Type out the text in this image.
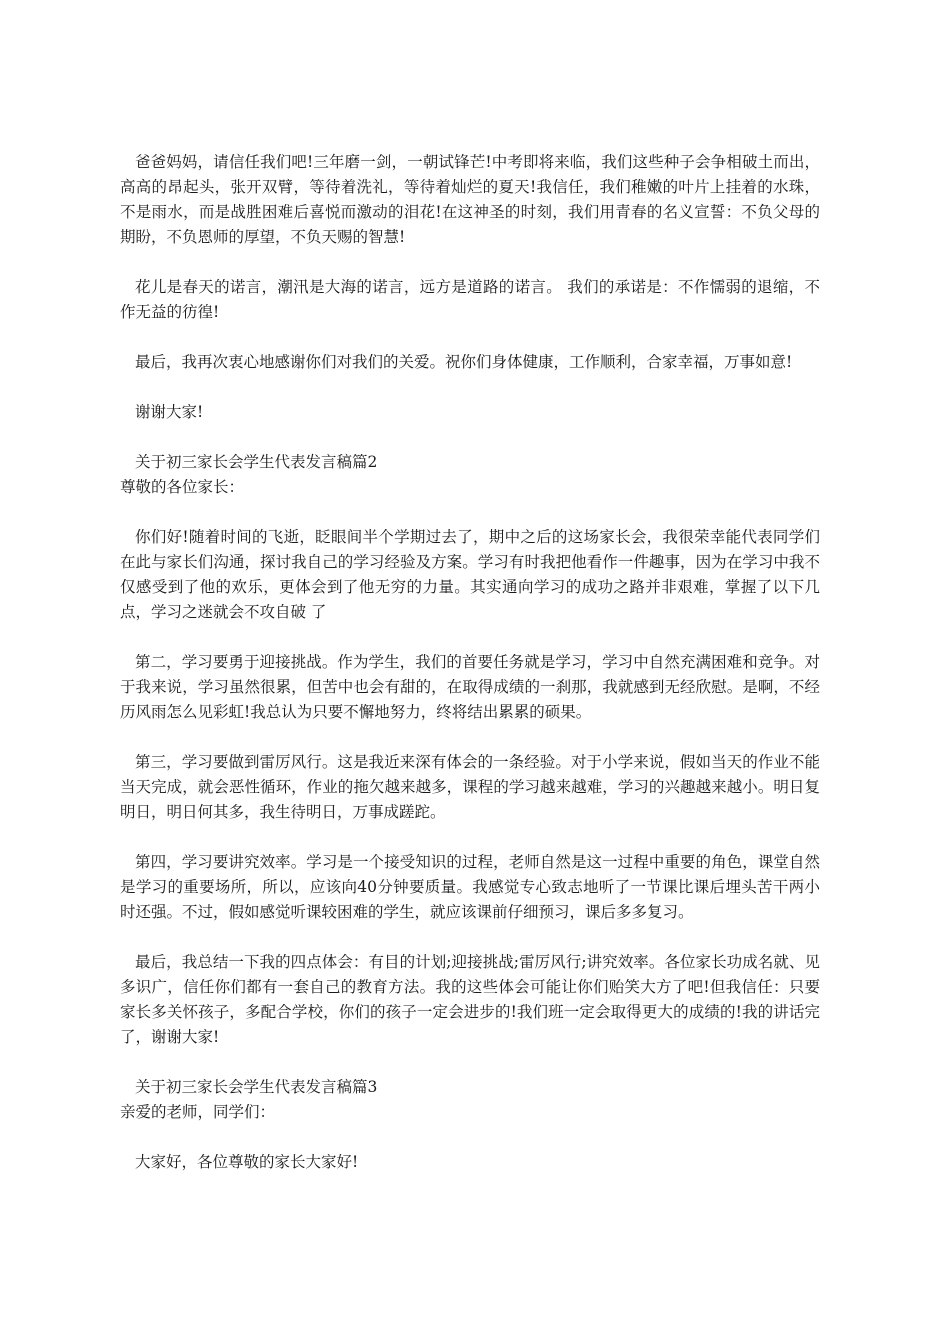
爸爸妈妈，请信任我们吧!三年磨一剑，一朝试锋芒!中考即将来临，我们这些种子会争相破土而出，高高的昂起头，张开双臂，等待着洗礼，等待着灿烂的夏天!我信任，我们稚嫩的叶片上挂着的水珠，不是雨水，而是战胜困难后喜悦而激动的泪花!在这神圣的时刻，我们用青春的名义宣誓：不负父母的期盼，不负恩师的厚望，不负天赐的智慧!

花儿是春天的诺言，潮汛是大海的诺言，远方是道路的诺言。 我们的承诺是：不作懦弱的退缩，不作无益的彷徨!

最后，我再次衷心地感谢你们对我们的关爱。祝你们身体健康，工作顺利，合家幸福，万事如意!

谢谢大家!

关于初三家长会学生代表发言稿篇2

尊敬的各位家长：

你们好!随着时间的飞逝，眨眼间半个学期过去了，期中之后的这场家长会，我很荣幸能代表同学们在此与家长们沟通，探讨我自己的学习经验及方案。学习有时我把他看作一件趣事，因为在学习中我不仅感受到了他的欢乐，更体会到了他无穷的力量。其实通向学习的成功之路并非艰难，掌握了以下几点，学习之迷就会不攻自破 了

第二，学习要勇于迎接挑战。作为学生，我们的首要任务就是学习，学习中自然充满困难和竞争。对于我来说，学习虽然很累，但苦中也会有甜的，在取得成绩的一刹那，我就感到无经欣慰。是啊，不经历风雨怎么见彩虹!我总认为只要不懈地努力，终将结出累累的硕果。

第三，学习要做到雷厉风行。这是我近来深有体会的一条经验。对于小学来说，假如当天的作业不能当天完成，就会恶性循环，作业的拖欠越来越多，课程的学习越来越难，学习的兴趣越来越小。明日复明日，明日何其多，我生待明日，万事成蹉跎。

第四，学习要讲究效率。学习是一个接受知识的过程，老师自然是这一过程中重要的角色，课堂自然是学习的重要场所，所以，应该向40分钟要质量。我感觉专心致志地听了一节课比课后埋头苦干两小时还强。不过，假如感觉听课较困难的学生，就应该课前仔细预习，课后多多复习。

最后，我总结一下我的四点体会：有目的计划;迎接挑战;雷厉风行;讲究效率。各位家长功成名就、见多识广，信任你们都有一套自己的教育方法。我的这些体会可能让你们贻笑大方了吧!但我信任：只要家长多关怀孩子，多配合学校，你们的孩子一定会进步的!我们班一定会取得更大的成绩的!我的讲话完了，谢谢大家!

关于初三家长会学生代表发言稿篇3

亲爱的老师，同学们：

大家好，各位尊敬的家长大家好!
